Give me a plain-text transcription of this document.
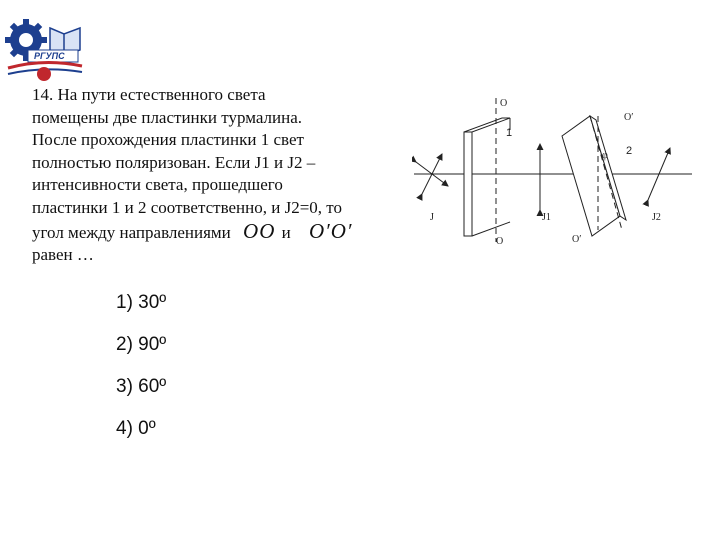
РГУПС
14. На пути естественного света
помещены две пластинки турмалина.
После прохождения пластинки 1 свет
полностью поляризован. Если J1 и J2 –
интенсивности света, прошедшего
пластинки 1 и 2 соответственно, и J2=0, то
угол между направлениями OO и O′O′
равен …
1) 30º
2) 90º
3) 60º
4) 0º
J
O
O
1
J1
O′
O′
2
φ
J2
